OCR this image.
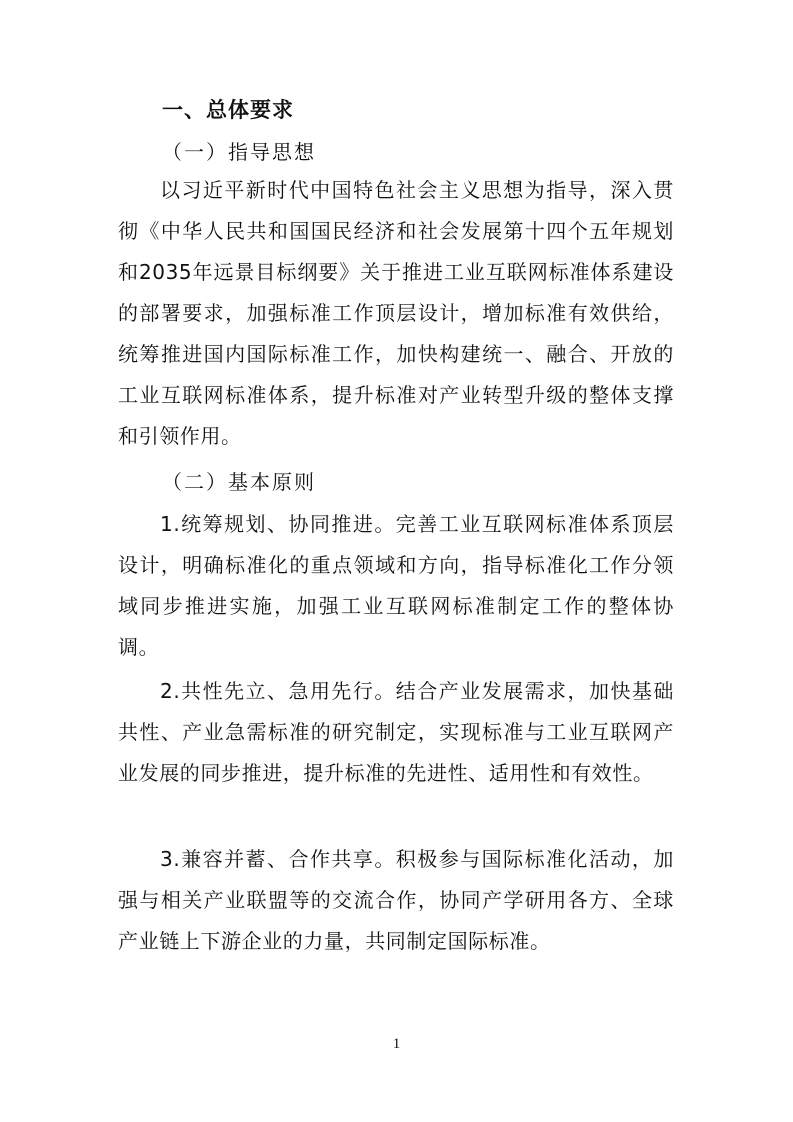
一、总体要求
（一）指导思想
以习近平新时代中国特色社会主义思想为指导，深入贯彻《中华人民共和国国民经济和社会发展第十四个五年规划和2035年远景目标纲要》关于推进工业互联网标准体系建设的部署要求，加强标准工作顶层设计，增加标准有效供给，统筹推进国内国际标准工作，加快构建统一、融合、开放的工业互联网标准体系，提升标准对产业转型升级的整体支撑和引领作用。
（二）基本原则
1.统筹规划、协同推进。完善工业互联网标准体系顶层设计，明确标准化的重点领域和方向，指导标准化工作分领域同步推进实施，加强工业互联网标准制定工作的整体协调。
2.共性先立、急用先行。结合产业发展需求，加快基础共性、产业急需标准的研究制定，实现标准与工业互联网产业发展的同步推进，提升标准的先进性、适用性和有效性。
3.兼容并蓄、合作共享。积极参与国际标准化活动，加强与相关产业联盟等的交流合作，协同产学研用各方、全球产业链上下游企业的力量，共同制定国际标准。
1
